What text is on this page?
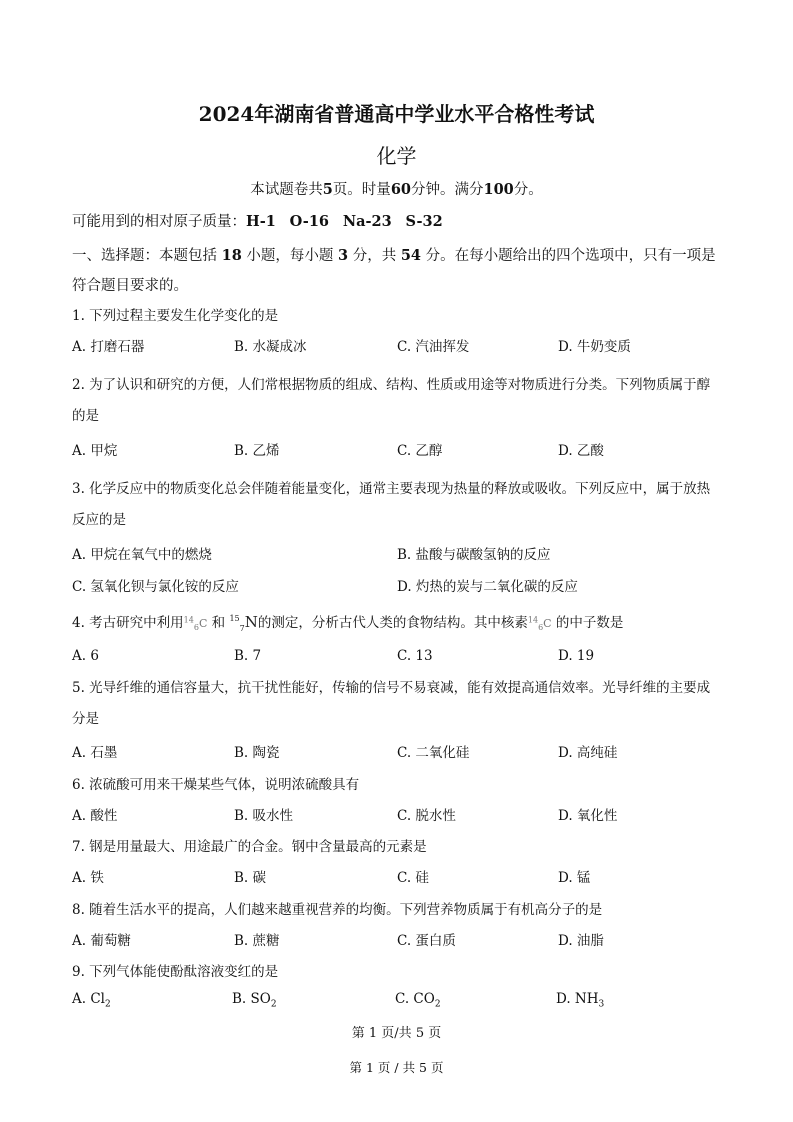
2024年湖南省普通高中学业水平合格性考试
化学
本试题卷共5页。时量60分钟。满分100分。
可能用到的相对原子质量：H-1 O-16 Na-23 S-32
一、选择题：本题包括 18 小题，每小题 3 分，共 54 分。在每小题给出的四个选项中，只有一项是符合题目要求的。
1. 下列过程主要发生化学变化的是
A. 打磨石器	B. 水凝成冰	C. 汽油挥发	D. 牛奶变质
2. 为了认识和研究的方便，人们常根据物质的组成、结构、性质或用途等对物质进行分类。下列物质属于醇的是
A. 甲烷	B. 乙烯	C. 乙醇	D. 乙酸
3. 化学反应中的物质变化总会伴随着能量变化，通常主要表现为热量的释放或吸收。下列反应中，属于放热反应的是
A. 甲烷在氧气中的燃烧	B. 盐酸与碳酸氢钠的反应
C. 氢氧化钡与氯化铵的反应	D. 灼热的炭与二氧化碳的反应
4. 考古研究中利用$^{14}_6$C 和 $^{15}_7$N的测定，分析古代人类的食物结构。其中核素$^{14}_6$C 的中子数是
A. 6	B. 7	C. 13	D. 19
5. 光导纤维的通信容量大，抗干扰性能好，传输的信号不易衰减，能有效提高通信效率。光导纤维的主要成分是
A. 石墨	B. 陶瓷	C. 二氧化硅	D. 高纯硅
6. 浓硫酸可用来干燥某些气体，说明浓硫酸具有
A. 酸性	B. 吸水性	C. 脱水性	D. 氧化性
7. 钢是用量最大、用途最广的合金。钢中含量最高的元素是
A. 铁	B. 碳	C. 硅	D. 锰
8. 随着生活水平的提高，人们越来越重视营养的均衡。下列营养物质属于有机高分子的是
A. 葡萄糖	B. 蔗糖	C. 蛋白质	D. 油脂
9. 下列气体能使酚酞溶液变红的是
A. $Cl_2$	B. $SO_2$	C. $CO_2$	D. $NH_3$
第 1 页/共 5 页
第 1 页 / 共 5 页
